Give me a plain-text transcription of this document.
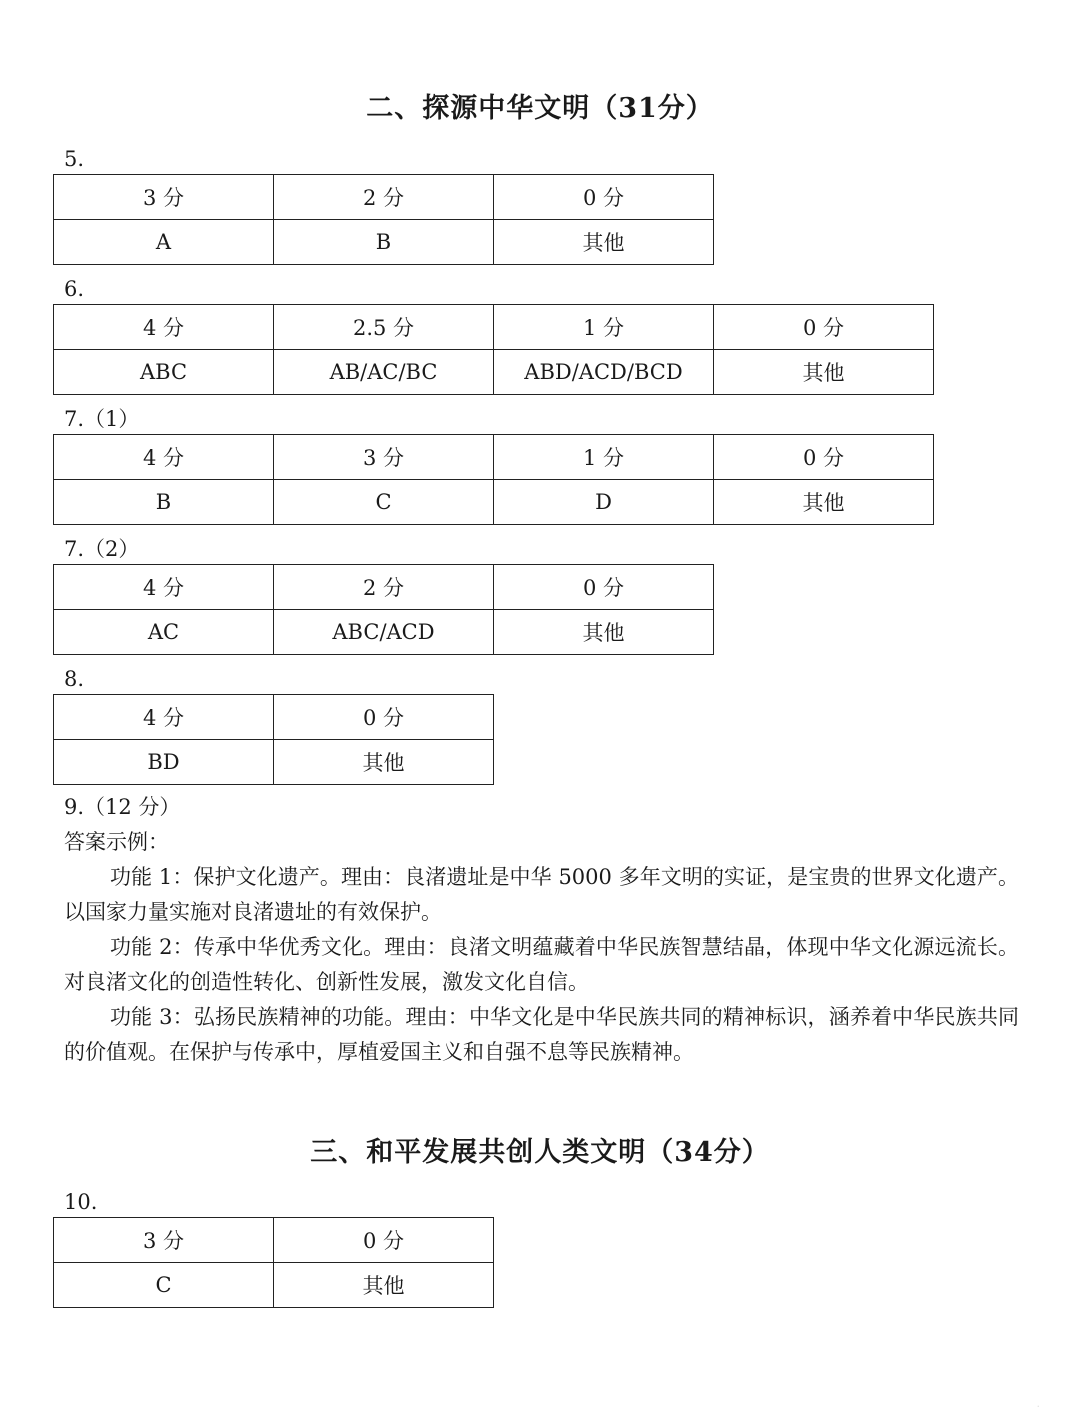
二、探源中华文明（31分）
5.
3 分	2 分	0 分
A	B	其他
6.
4 分	2.5 分	1 分	0 分
ABC	AB/AC/BC	ABD/ACD/BCD	其他
7.（1）
4 分	3 分	1 分	0 分
B	C	D	其他
7.（2）
4 分	2 分	0 分
AC	ABC/ACD	其他
8.
4 分	0 分
BD	其他

9.（12 分）

答案示例：

功能 1：保护文化遗产。理由：良渚遗址是中华 5000 多年文明的实证，是宝贵的世界文化遗产。以国家力量实施对良渚遗址的有效保护。

功能 2：传承中华优秀文化。理由：良渚文明蕴藏着中华民族智慧结晶，体现中华文化源远流长。对良渚文化的创造性转化、创新性发展，激发文化自信。

功能 3：弘扬民族精神的功能。理由：中华文化是中华民族共同的精神标识，涵养着中华民族共同的价值观。在保护与传承中，厚植爱国主义和自强不息等民族精神。

三、和平发展共创人类文明（34分）
10.
3 分	0 分
C	其他
·
